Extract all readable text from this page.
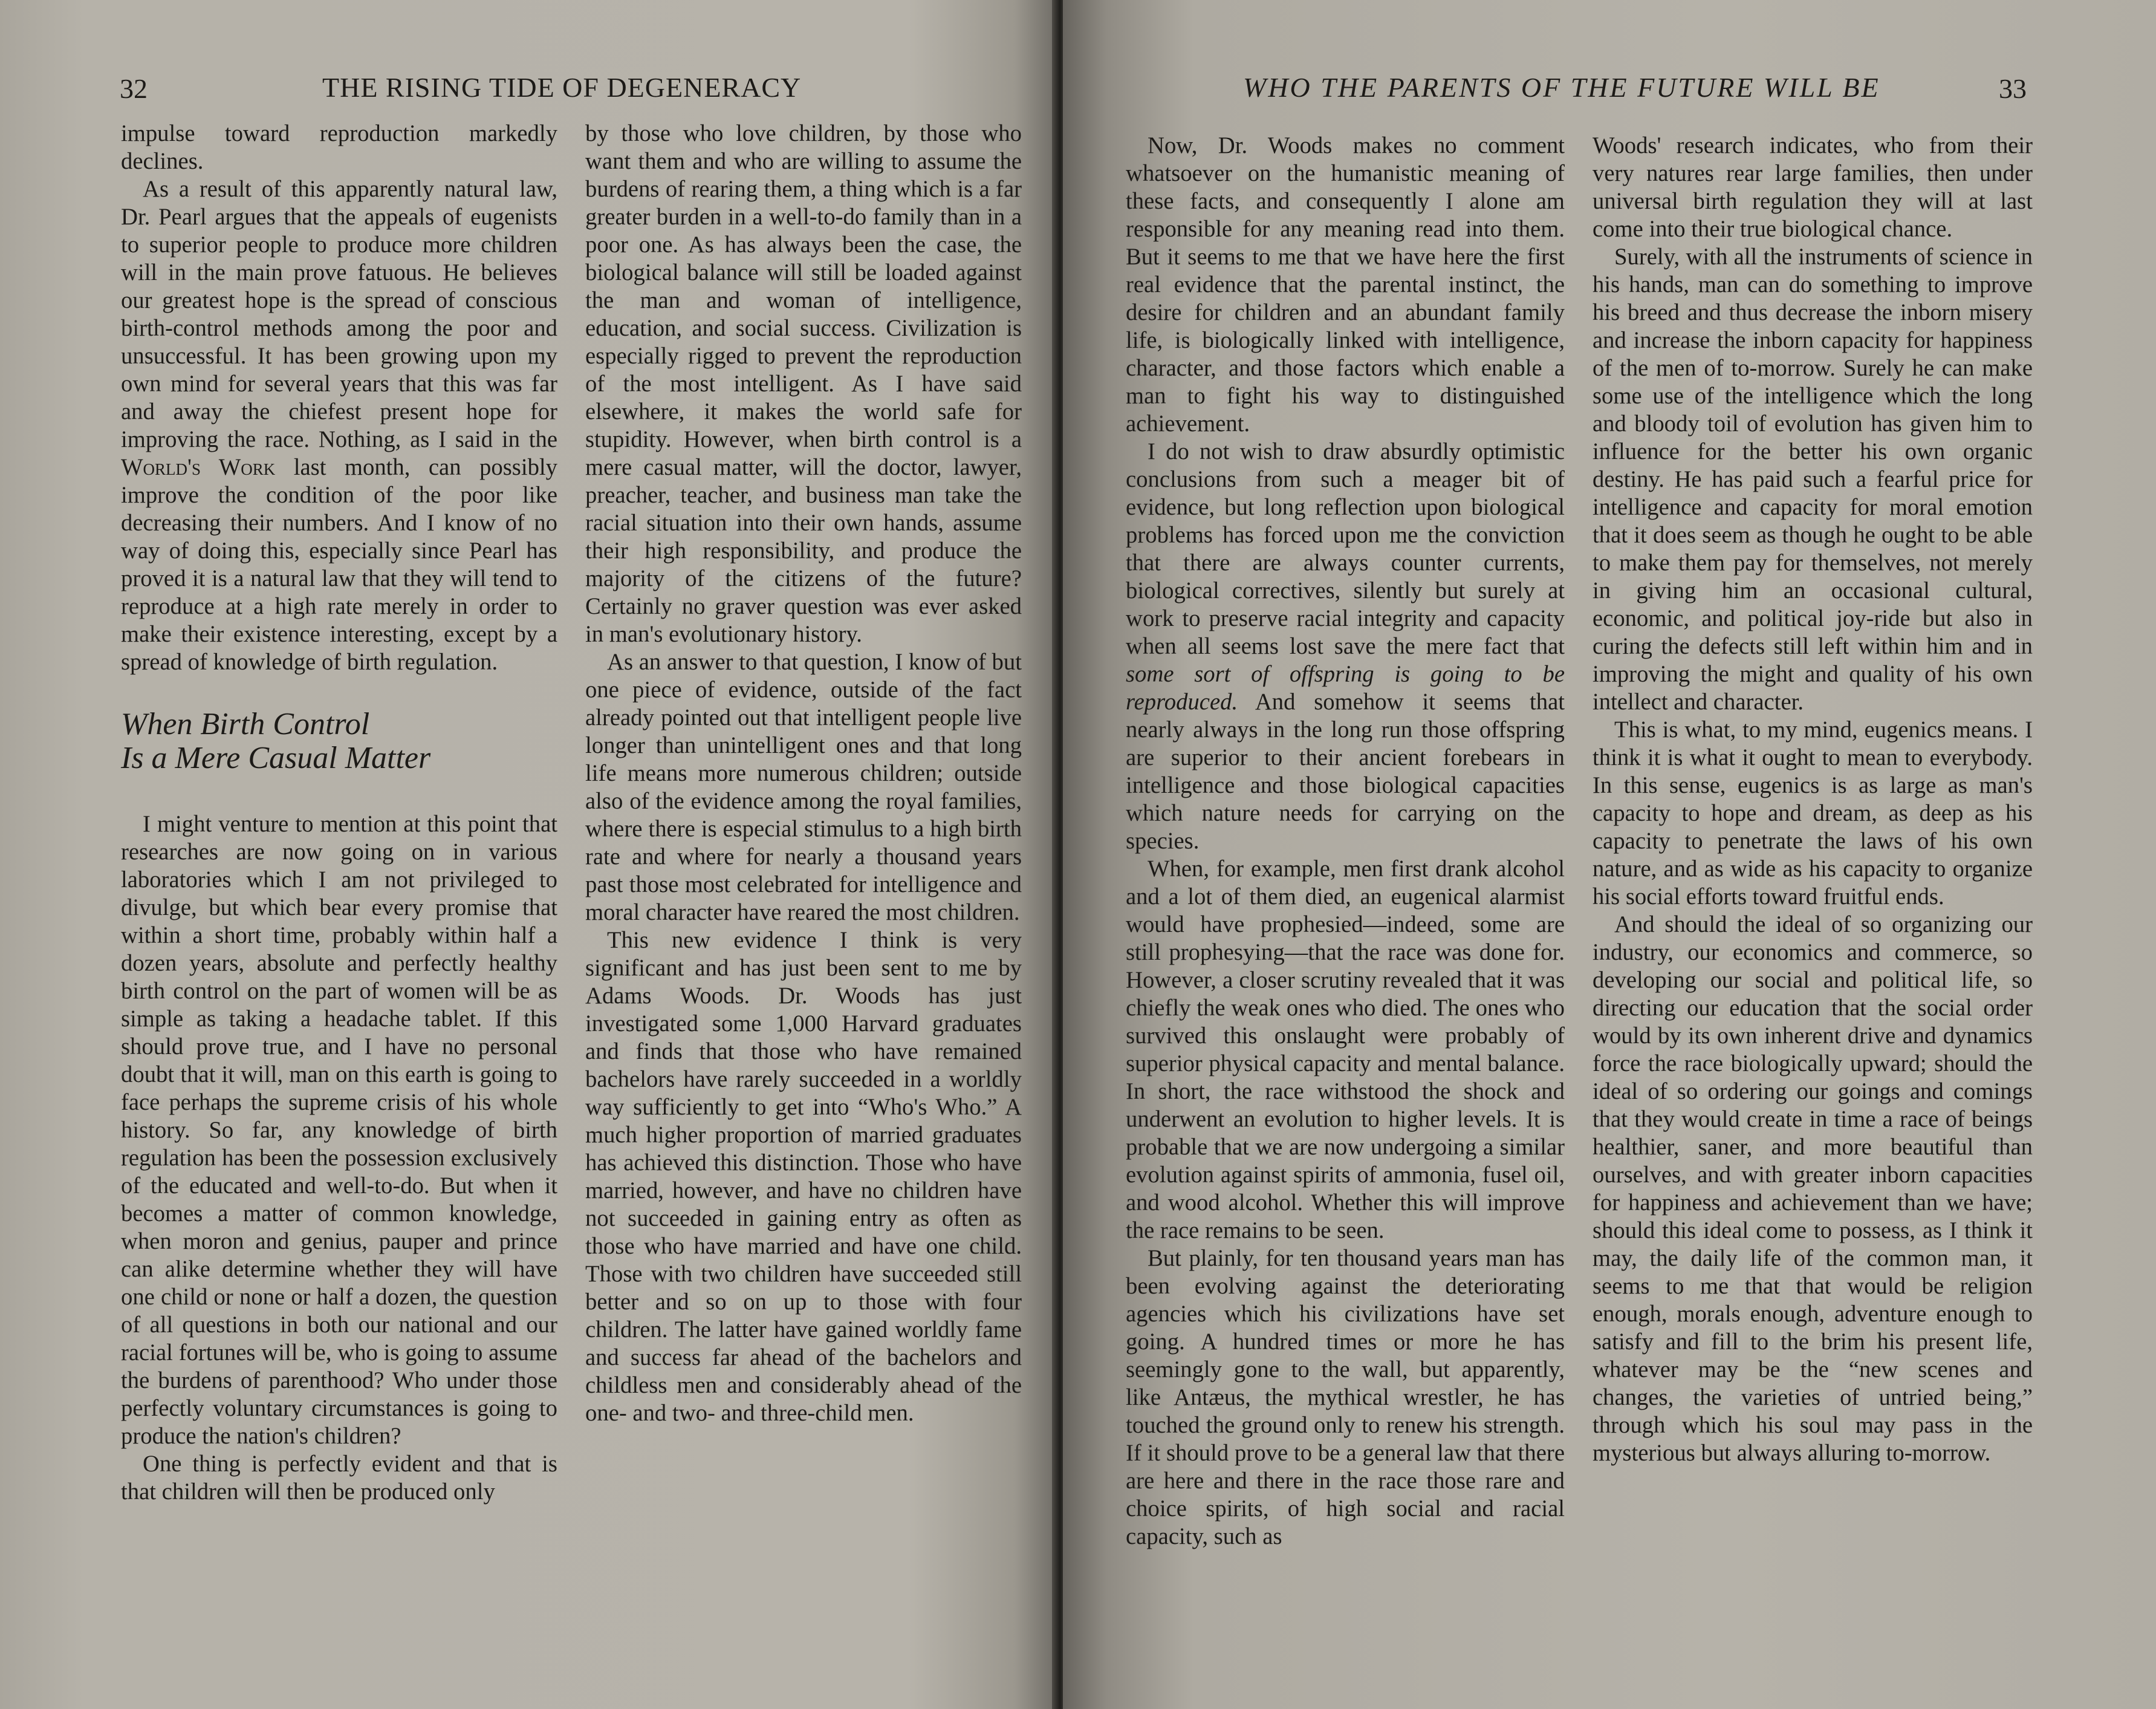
32	THE RISING TIDE OF DEGENERACY

impulse toward reproduction markedly declines.

As a result of this apparently natural law, Dr. Pearl argues that the appeals of eugenists to superior people to produce more children will in the main prove fatuous. He believes our greatest hope is the spread of conscious birth-control methods among the poor and unsuccessful. It has been growing upon my own mind for several years that this was far and away the chiefest present hope for improving the race. Nothing, as I said in the World's Work last month, can possibly improve the condition of the poor like decreasing their numbers. And I know of no way of doing this, especially since Pearl has proved it is a natural law that they will tend to reproduce at a high rate merely in order to make their existence interesting, except by a spread of knowledge of birth regulation.

When Birth Control
Is a Mere Casual Matter

I might venture to mention at this point that researches are now going on in various laboratories which I am not privileged to divulge, but which bear every promise that within a short time, probably within half a dozen years, absolute and perfectly healthy birth control on the part of women will be as simple as taking a headache tablet. If this should prove true, and I have no personal doubt that it will, man on this earth is going to face perhaps the supreme crisis of his whole history. So far, any knowledge of birth regulation has been the possession exclusively of the educated and well-to-do. But when it becomes a matter of common knowledge, when moron and genius, pauper and prince can alike determine whether they will have one child or none or half a dozen, the question of all questions in both our national and our racial fortunes will be, who is going to assume the burdens of parenthood? Who under those perfectly voluntary circumstances is going to produce the nation's children?

One thing is perfectly evident and that is that children will then be produced only

by those who love children, by those who want them and who are willing to assume the burdens of rearing them, a thing which is a far greater burden in a well-to-do family than in a poor one. As has always been the case, the biological balance will still be loaded against the man and woman of intelligence, education, and social success. Civilization is especially rigged to prevent the reproduction of the most intelligent. As I have said elsewhere, it makes the world safe for stupidity. However, when birth control is a mere casual matter, will the doctor, lawyer, preacher, teacher, and business man take the racial situation into their own hands, assume their high responsibility, and produce the majority of the citizens of the future? Certainly no graver question was ever asked in man's evolutionary history.

As an answer to that question, I know of but one piece of evidence, outside of the fact already pointed out that intelligent people live longer than unintelligent ones and that long life means more numerous children; outside also of the evidence among the royal families, where there is especial stimulus to a high birth rate and where for nearly a thousand years past those most celebrated for intelligence and moral character have reared the most children.

This new evidence I think is very significant and has just been sent to me by Adams Woods. Dr. Woods has just investigated some 1,000 Harvard graduates and finds that those who have remained bachelors have rarely succeeded in a worldly way sufficiently to get into “Who's Who.” A much higher proportion of married graduates has achieved this distinction. Those who have married, however, and have no children have not succeeded in gaining entry as often as those who have married and have one child. Those with two children have succeeded still better and so on up to those with four children. The latter have gained worldly fame and success far ahead of the bachelors and childless men and considerably ahead of the one- and two- and three-child men.

WHO THE PARENTS OF THE FUTURE WILL BE	33

Now, Dr. Woods makes no comment whatsoever on the humanistic meaning of these facts, and consequently I alone am responsible for any meaning read into them. But it seems to me that we have here the first real evidence that the parental instinct, the desire for children and an abundant family life, is biologically linked with intelligence, character, and those factors which enable a man to fight his way to distinguished achievement.

I do not wish to draw absurdly optimistic conclusions from such a meager bit of evidence, but long reflection upon biological problems has forced upon me the conviction that there are always counter currents, biological correctives, silently but surely at work to preserve racial integrity and capacity when all seems lost save the mere fact that some sort of offspring is going to be reproduced. And somehow it seems that nearly always in the long run those offspring are superior to their ancient forebears in intelligence and those biological capacities which nature needs for carrying on the species.

When, for example, men first drank alcohol and a lot of them died, an eugenical alarmist would have prophesied—indeed, some are still prophesying—that the race was done for. However, a closer scrutiny revealed that it was chiefly the weak ones who died. The ones who survived this onslaught were probably of superior physical capacity and mental balance. In short, the race withstood the shock and underwent an evolution to higher levels. It is probable that we are now undergoing a similar evolution against spirits of ammonia, fusel oil, and wood alcohol. Whether this will improve the race remains to be seen.

But plainly, for ten thousand years man has been evolving against the deteriorating agencies which his civilizations have set going. A hundred times or more he has seemingly gone to the wall, but apparently, like Antæus, the mythical wrestler, he has touched the ground only to renew his strength. If it should prove to be a general law that there are here and there in the race those rare and choice spirits, of high social and racial capacity, such as

Woods' research indicates, who from their very natures rear large families, then under universal birth regulation they will at last come into their true biological chance.

Surely, with all the instruments of science in his hands, man can do something to improve his breed and thus decrease the inborn misery and increase the inborn capacity for happiness of the men of to-morrow. Surely he can make some use of the intelligence which the long and bloody toil of evolution has given him to influence for the better his own organic destiny. He has paid such a fearful price for intelligence and capacity for moral emotion that it does seem as though he ought to be able to make them pay for themselves, not merely in giving him an occasional cultural, economic, and political joy-ride but also in curing the defects still left within him and in improving the might and quality of his own intellect and character.

This is what, to my mind, eugenics means. I think it is what it ought to mean to everybody. In this sense, eugenics is as large as man's capacity to hope and dream, as deep as his capacity to penetrate the laws of his own nature, and as wide as his capacity to organize his social efforts toward fruitful ends.

And should the ideal of so organizing our industry, our economics and commerce, so developing our social and political life, so directing our education that the social order would by its own inherent drive and dynamics force the race biologically upward; should the ideal of so ordering our goings and comings that they would create in time a race of beings healthier, saner, and more beautiful than ourselves, and with greater inborn capacities for happiness and achievement than we have; should this ideal come to possess, as I think it may, the daily life of the common man, it seems to me that that would be religion enough, morals enough, adventure enough to satisfy and fill to the brim his present life, whatever may be the “new scenes and changes, the varieties of untried being,” through which his soul may pass in the mysterious but always alluring to-morrow.
